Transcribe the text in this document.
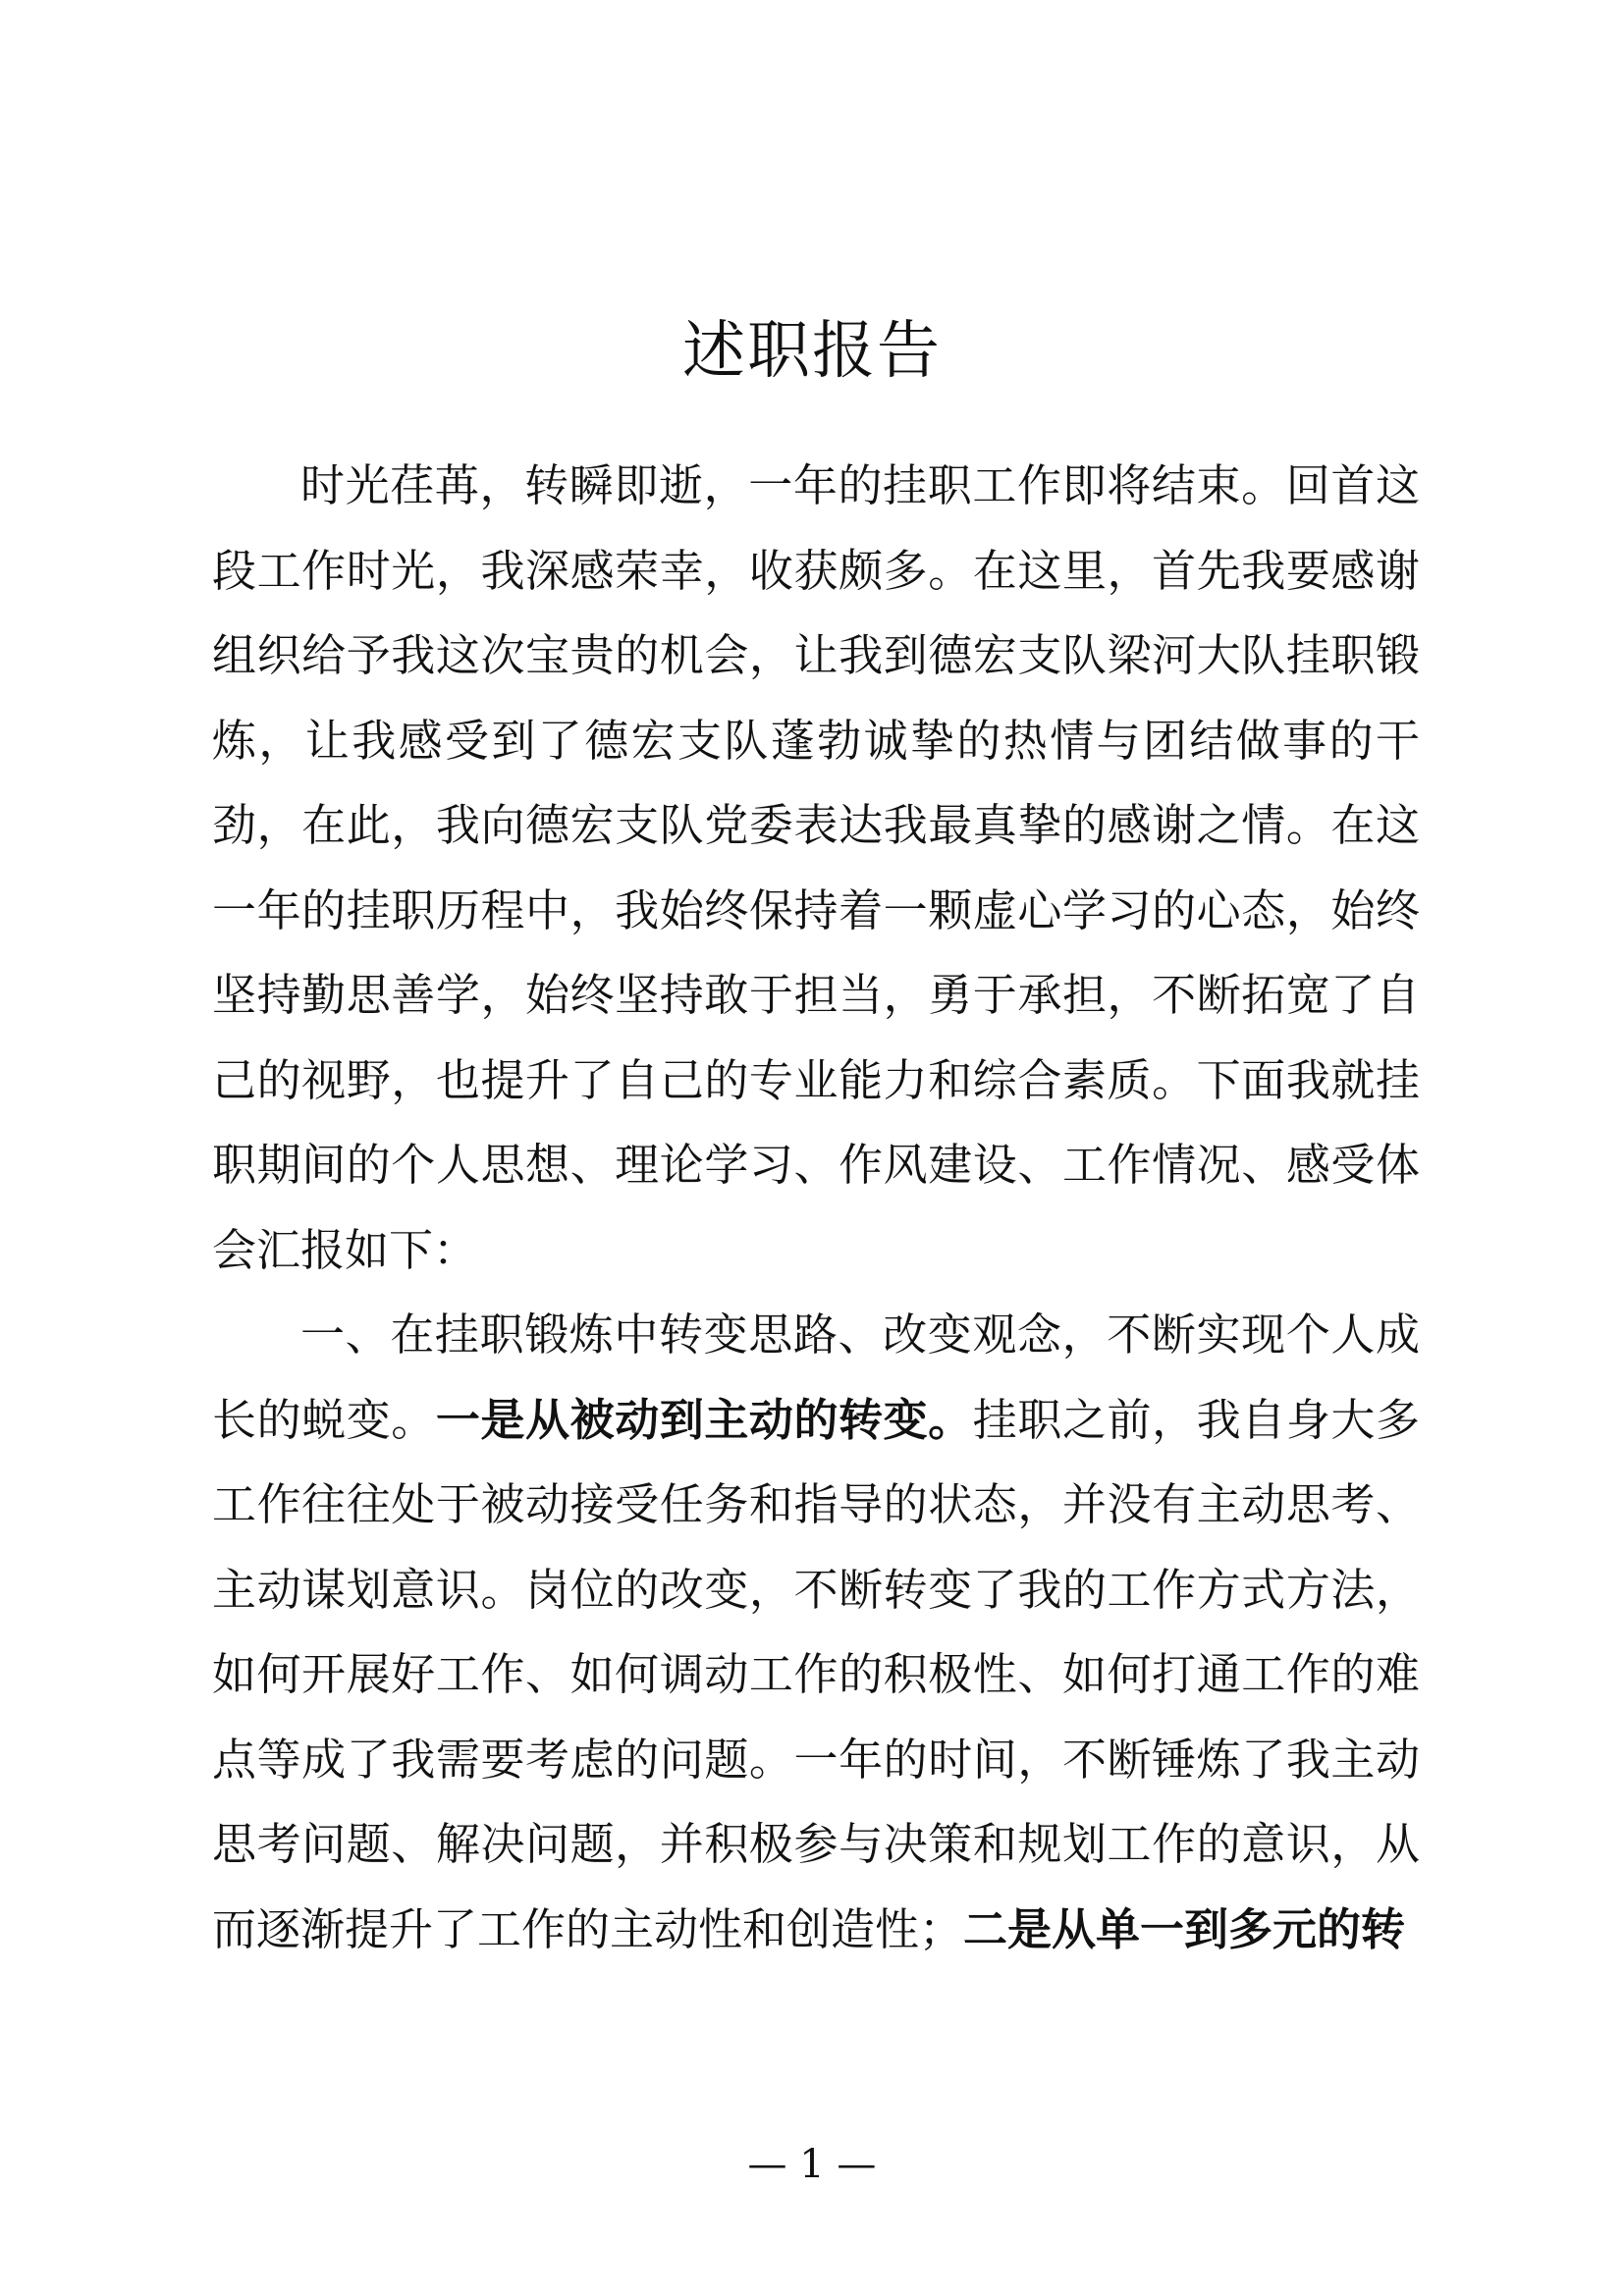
述职报告

时光荏苒，转瞬即逝，一年的挂职工作即将结束。回首这段工作时光，我深感荣幸，收获颇多。在这里，首先我要感谢组织给予我这次宝贵的机会，让我到德宏支队梁河大队挂职锻炼，让我感受到了德宏支队蓬勃诚挚的热情与团结做事的干劲，在此，我向德宏支队党委表达我最真挚的感谢之情。在这一年的挂职历程中，我始终保持着一颗虚心学习的心态，始终坚持勤思善学，始终坚持敢于担当，勇于承担，不断拓宽了自己的视野，也提升了自己的专业能力和综合素质。下面我就挂职期间的个人思想、理论学习、作风建设、工作情况、感受体会汇报如下：

一、在挂职锻炼中转变思路、改变观念，不断实现个人成长的蜕变。一是从被动到主动的转变。挂职之前，我自身大多工作往往处于被动接受任务和指导的状态，并没有主动思考、主动谋划意识。岗位的改变，不断转变了我的工作方式方法，如何开展好工作、如何调动工作的积极性、如何打通工作的难点等成了我需要考虑的问题。一年的时间，不断锤炼了我主动思考问题、解决问题，并积极参与决策和规划工作的意识，从而逐渐提升了工作的主动性和创造性；二是从单一到多元的转

— 1 —
